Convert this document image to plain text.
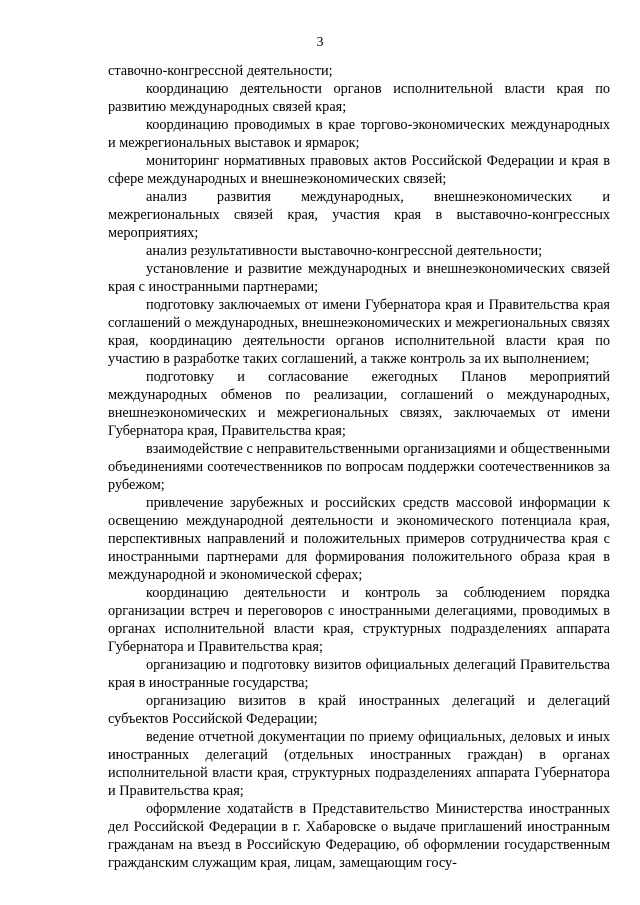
3

ставочно-конгрессной деятельности;

координацию деятельности органов исполнительной власти края по развитию международных связей края;

координацию проводимых в крае торгово-экономических международных и межрегиональных выставок и ярмарок;

мониторинг нормативных правовых актов Российской Федерации и края в сфере международных и внешнеэкономических связей;

анализ развития международных, внешнеэкономических и межрегиональных связей края, участия края в выставочно-конгрессных мероприятиях;

анализ результативности выставочно-конгрессной деятельности;

установление и развитие международных и внешнеэкономических связей края с иностранными партнерами;

подготовку заключаемых от имени Губернатора края и Правительства края соглашений о международных, внешнеэкономических и межрегиональных связях края, координацию деятельности органов исполнительной власти края по участию в разработке таких соглашений, а также контроль за их выполнением;

подготовку и согласование ежегодных Планов мероприятий международных обменов по реализации, соглашений о международных, внешнеэкономических и межрегиональных связях, заключаемых от имени Губернатора края, Правительства края;

взаимодействие с неправительственными организациями и общественными объединениями соотечественников по вопросам поддержки соотечественников за рубежом;

привлечение зарубежных и российских средств массовой информации к освещению международной деятельности и экономического потенциала края, перспективных направлений и положительных примеров сотрудничества края с иностранными партнерами для формирования положительного образа края в международной и экономической сферах;

координацию деятельности и контроль за соблюдением порядка организации встреч и переговоров с иностранными делегациями, проводимых в органах исполнительной власти края, структурных подразделениях аппарата Губернатора и Правительства края;

организацию и подготовку визитов официальных делегаций Правительства края в иностранные государства;

организацию визитов в край иностранных делегаций и делегаций субъектов Российской Федерации;

ведение отчетной документации по приему официальных, деловых и иных иностранных делегаций (отдельных иностранных граждан) в органах исполнительной власти края, структурных подразделениях аппарата Губернатора и Правительства края;

оформление ходатайств в Представительство Министерства иностранных дел Российской Федерации в г. Хабаровске о выдаче приглашений иностранным гражданам на въезд в Российскую Федерацию, об оформлении государственным гражданским служащим края, лицам, замещающим госу-
